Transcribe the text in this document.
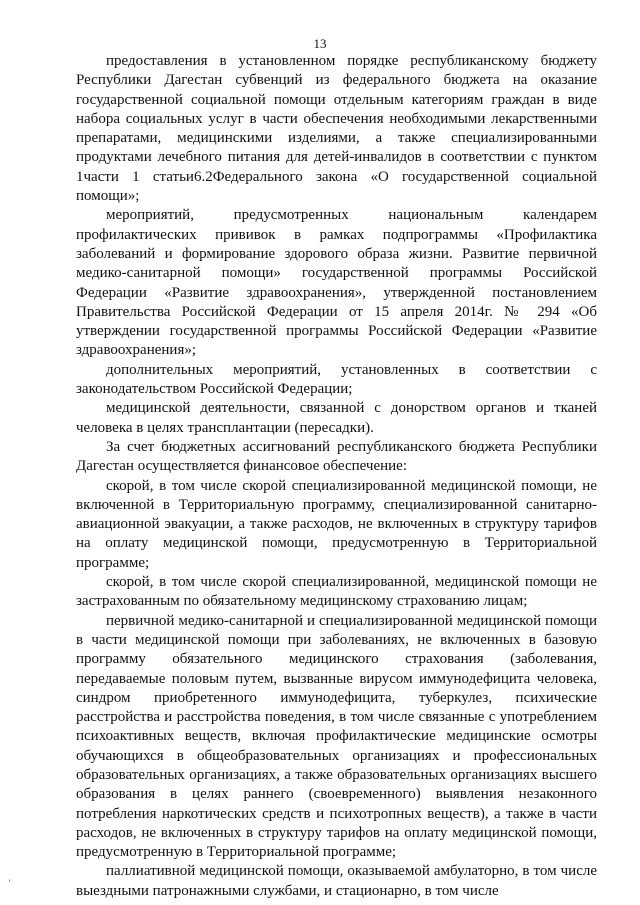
13

предоставления в установленном порядке республиканскому бюджету Республики Дагестан субвенций из федерального бюджета на оказание государственной социальной помощи отдельным категориям граждан в виде набора социальных услуг в части обеспечения необходимыми лекарственными препаратами, медицинскими изделиями, а также специализированными продуктами лечебного питания для детей-инвалидов в соответствии с пунктом 1части 1 статьи6.2Федерального закона «О государственной социальной помощи»;

мероприятий, предусмотренных национальным календарем профилактических прививок в рамках подпрограммы «Профилактика заболеваний и формирование здорового образа жизни. Развитие первичной медико-санитарной помощи» государственной программы Российской Федерации «Развитие здравоохранения», утвержденной постановлением Правительства Российской Федерации от 15 апреля 2014г. № 294 «Об утверждении государственной программы Российской Федерации «Развитие здравоохранения»;

дополнительных мероприятий, установленных в соответствии с законодательством Российской Федерации;

медицинской деятельности, связанной с донорством органов и тканей человека в целях трансплантации (пересадки).

За счет бюджетных ассигнований республиканского бюджета Республики Дагестан осуществляется финансовое обеспечение:

скорой, в том числе скорой специализированной медицинской помощи, не включенной в Территориальную программу, специализированной санитарно-авиационной эвакуации, а также расходов, не включенных в структуру тарифов на оплату медицинской помощи, предусмотренную в Территориальной программе;

скорой, в том числе скорой специализированной, медицинской помощи не застрахованным по обязательному медицинскому страхованию лицам;

первичной медико-санитарной и специализированной медицинской помощи в части медицинской помощи при заболеваниях, не включенных в базовую программу обязательного медицинского страхования (заболевания, передаваемые половым путем, вызванные вирусом иммунодефицита человека, синдром приобретенного иммунодефицита, туберкулез, психические расстройства и расстройства поведения, в том числе связанные с употреблением психоактивных веществ, включая профилактические медицинские осмотры обучающихся в общеобразовательных организациях и профессиональных образовательных организациях, а также образовательных организациях высшего образования в целях раннего (своевременного) выявления незаконного потребления наркотических средств и психотропных веществ), а также в части расходов, не включенных в структуру тарифов на оплату медицинской помощи, предусмотренную в Территориальной программе;

паллиативной медицинской помощи, оказываемой амбулаторно, в том числе выездными патронажными службами, и стационарно, в том числе

ʼ
